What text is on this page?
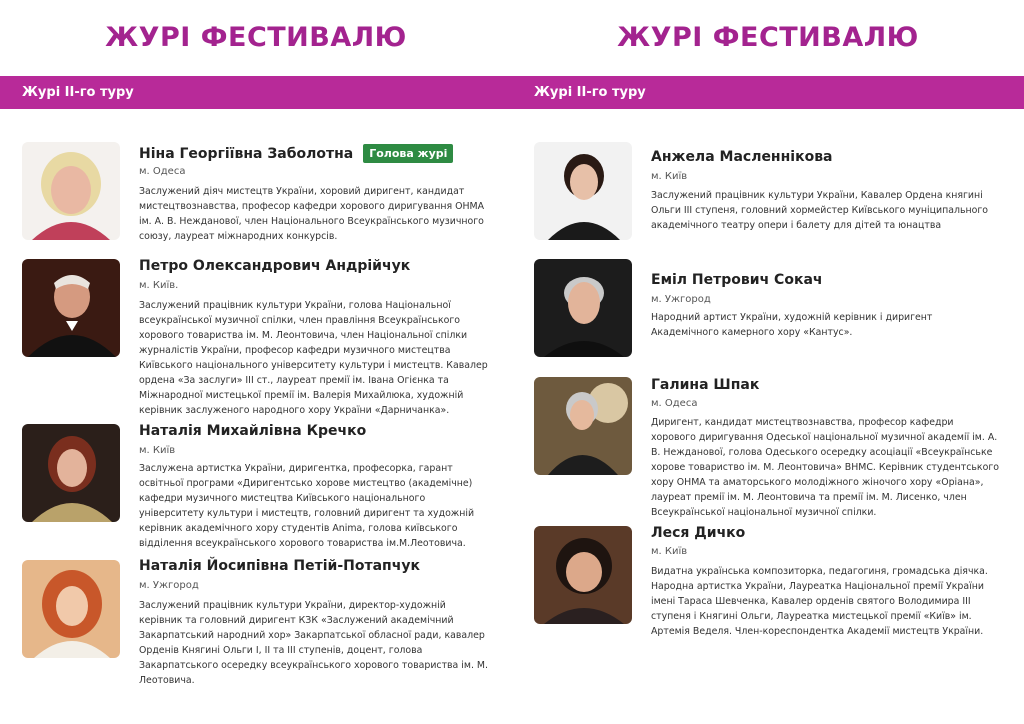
ЖУРІ ФЕСТИВАЛЮ
Журі ІІ-го туру
Ніна Георгіївна Заболотна	Голова журі
м. Одеса
Заслужений діяч мистецтв України, хоровий диригент, кандидат мистецтвознавства, професор кафедри хорового диригування ОНМА ім. А. В. Нежданової, член Національного Всеукраїнського музичного союзу, лауреат міжнародних конкурсів.
Петро Олександрович Андрійчук
м. Київ.
Заслужений працівник культури України, голова Національної всеукраїнської музичної спілки, член правління Всеукраїнського хорового товариства ім. М. Леонтовича, член Національної спілки журналістів України, професор кафедри музичного мистецтва Київського національного університету культури і мистецтв. Кавалер ордена «За заслуги» ІІІ ст., лауреат премії ім. Івана Огієнка та Міжнародної мистецької премії ім. Валерія Михайлюка, художній керівник заслуженого народного хору України «Дарничанка».
Наталія Михайлівна Кречко
м. Київ
Заслужена артистка України, диригентка, професорка, гарант освітньої програми «Диригентсько хорове мистецтво (академічне) кафедри музичного мистецтва Київського національного університету культури і мистецтв, головний диригент та художній керівник академічного хору студентів Anima, голова київського відділення всеукраїнського хорового товариства ім.М.Леотовича.
Наталія Йосипівна Петій-Потапчук
м. Ужгород
Заслужений працівник культури України, директор-художній керівник та головний диригент КЗК «Заслужений академічний Закарпатський народний хор» Закарпатської обласної ради, кавалер Орденів Княгині Ольги І, ІІ та ІІІ ступенів, доцент, голова Закарпатського осередку всеукраїнського хорового товариства ім. М. Леотовича.
ЖУРІ ФЕСТИВАЛЮ
Журі ІІ-го туру
Анжела Масленнікова
м. Київ
Заслужений працівник культури України, Кавалер Ордена княгині Ольги ІІІ ступеня, головний хормейстер Київського муніципального академічного театру опери і балету для дітей та юнацтва
Еміл Петрович Сокач
м. Ужгород
Народний артист України, художній керівник і диригент Академічного камерного хору «Кантус».
Галина Шпак
м. Одеса
Диригент, кандидат мистецтвознавства, професор кафедри хорового диригування Одеської національної музичної академії ім. А. В. Нежданової, голова Одеського осередку асоціації «Всеукраїнське хорове товариство ім. М. Леонтовича» ВНМС. Керівник студентського хору ОНМА та аматорського молодіжного жіночого хору «Оріана», лауреат премії ім. М. Леонтовича та премії ім. М. Лисенко, член Всеукраїнської національної музичної спілки.
Леся Дичко
м. Київ
Видатна українська композиторка, педагогиня, громадська діячка. Народна артистка України, Лауреатка Національної премії України імені Тараса Шевченка, Кавалер орденів святого Володимира ІІІ ступеня і Княгині Ольги, Лауреатка мистецької премії «Київ» ім. Артемія Веделя. Член-кореспондентка Академії мистецтв України.
